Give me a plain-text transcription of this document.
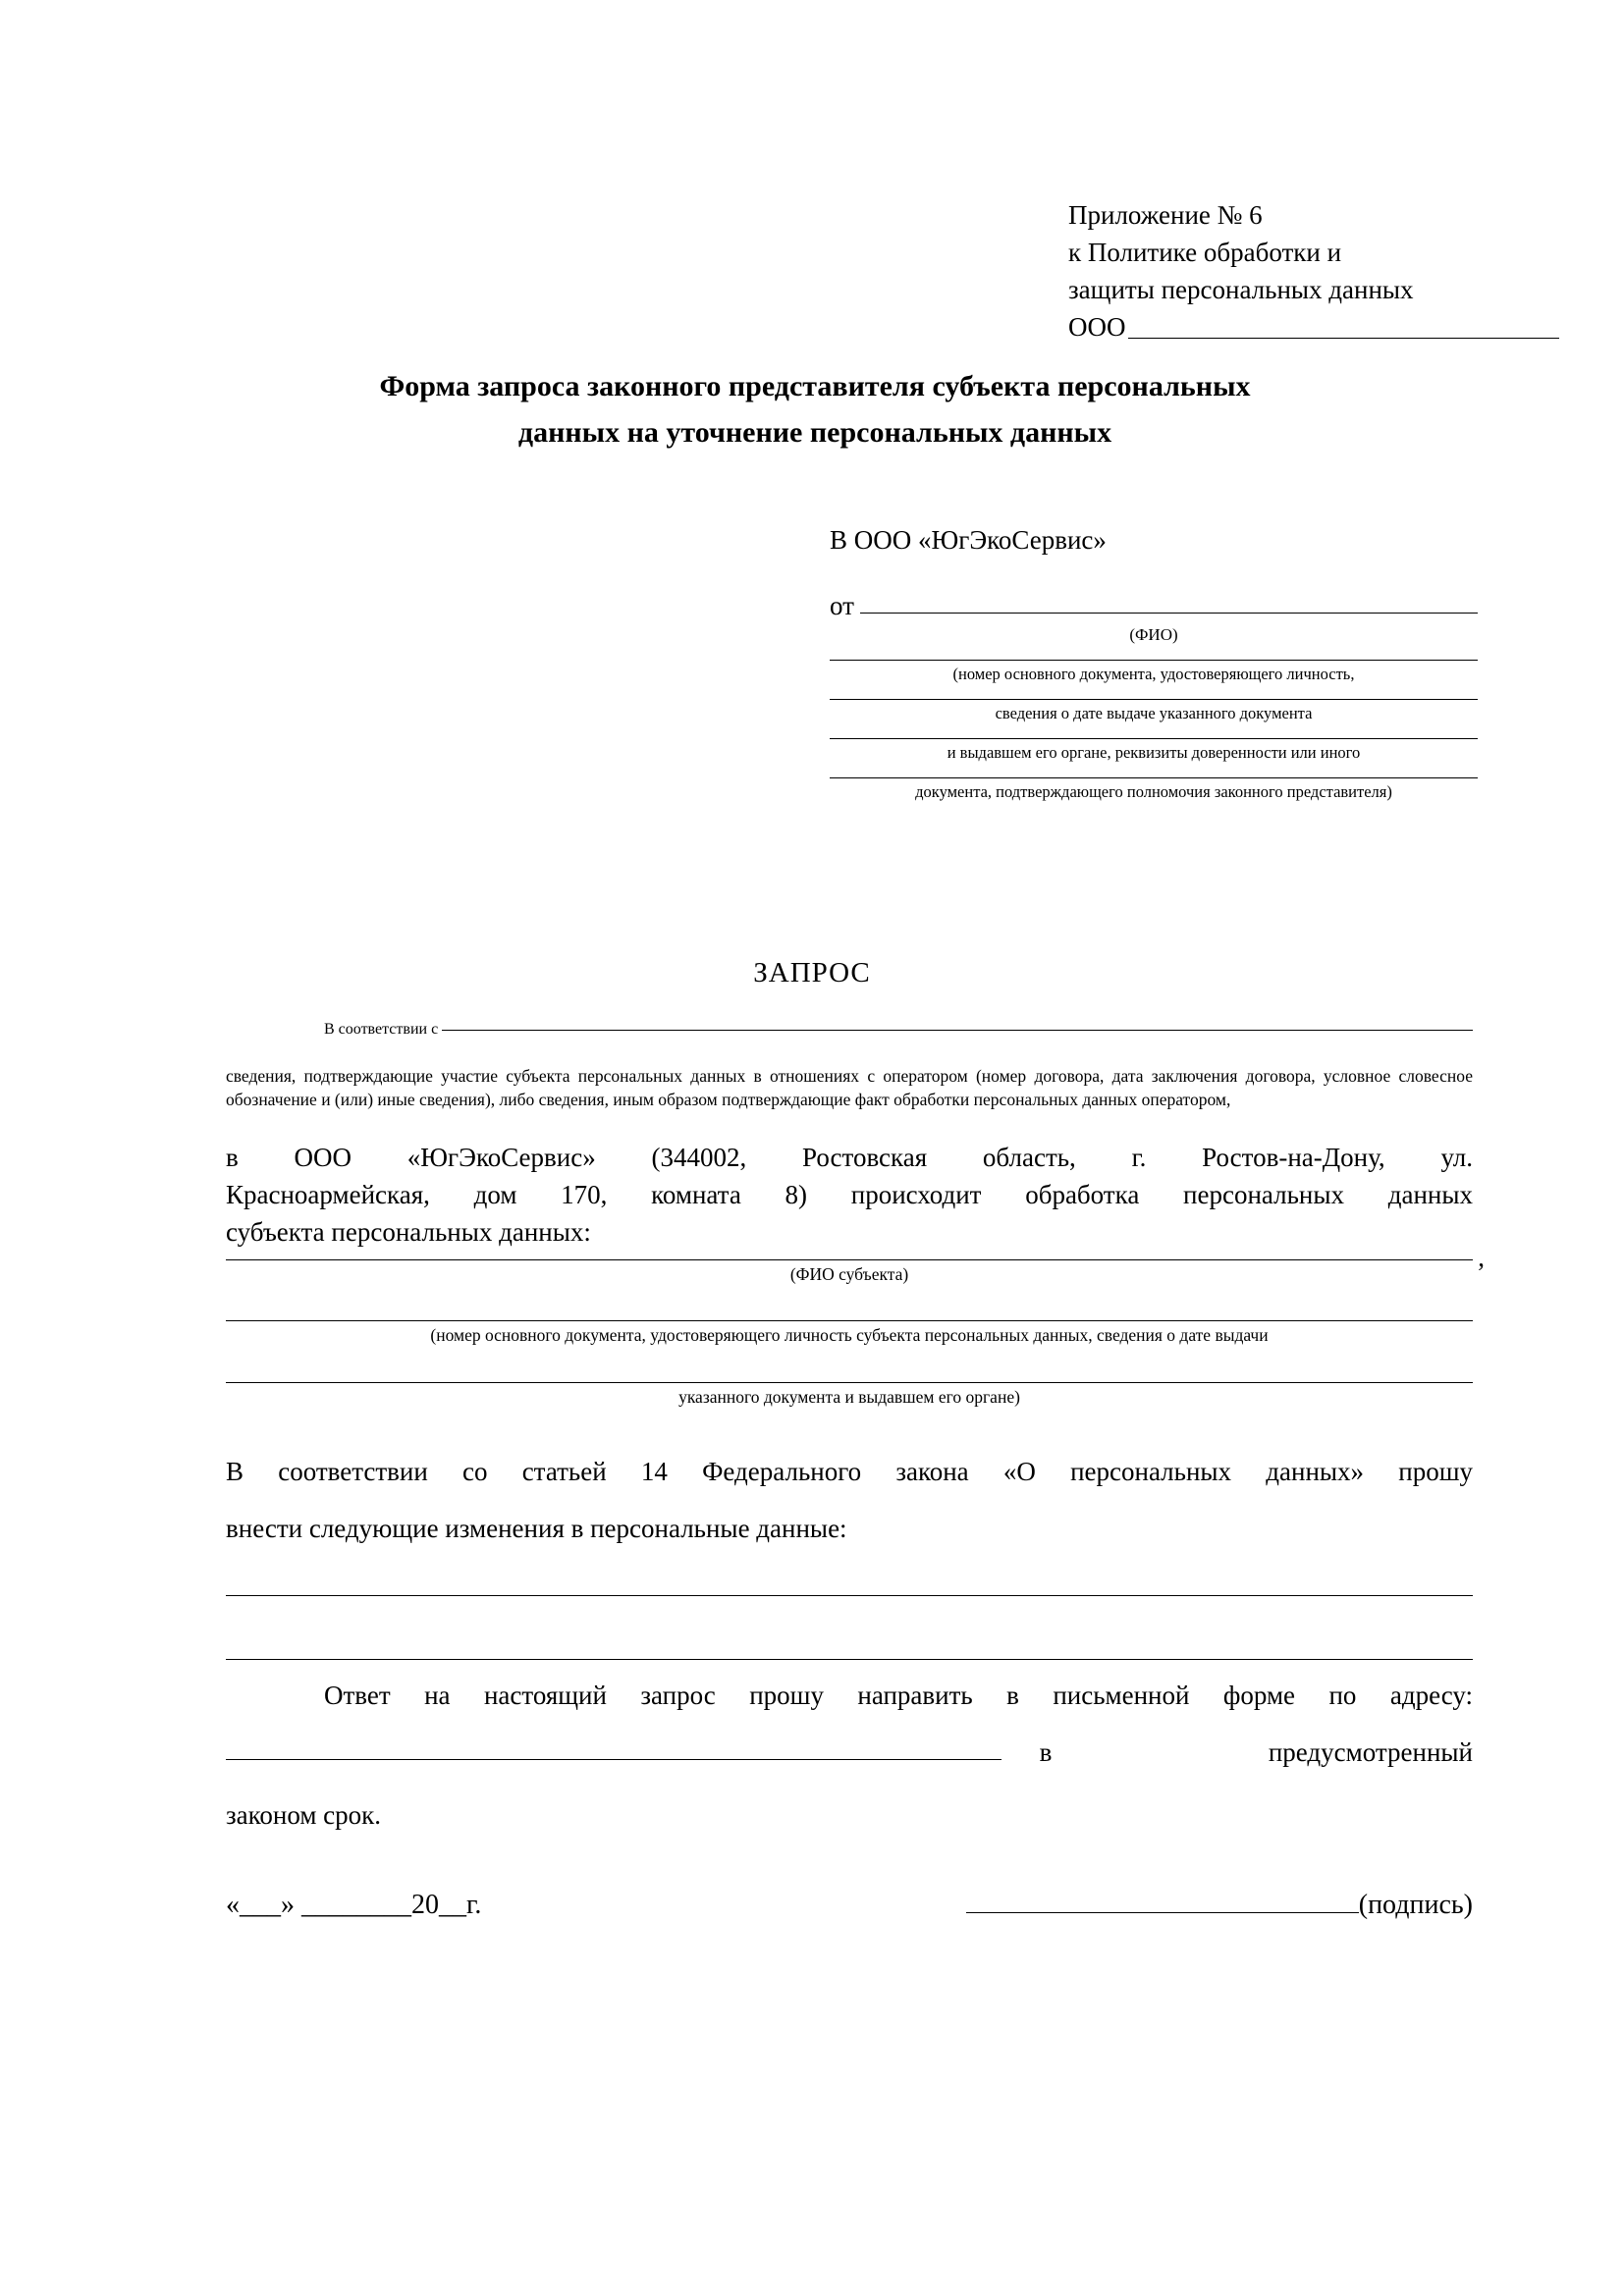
Приложение № 6
к Политике обработки и
защиты персональных данных
ООО
Форма запроса законного представителя субъекта персональных
данных на уточнение персональных данных
В ООО «ЮгЭкоСервис»
от
(ФИО)
(номер основного документа, удостоверяющего личность,
сведения о дате выдаче указанного документа
и выдавшем его органе, реквизиты доверенности или иного
документа, подтверждающего полномочия законного представителя)
ЗАПРОС
В соответствии с
сведения, подтверждающие участие субъекта персональных данных в отношениях с оператором (номер договора, дата заключения договора, условное словесное обозначение и (или) иные сведения), либо сведения, иным образом подтверждающие факт обработки персональных данных оператором,
в ООО «ЮгЭкоСервис» (344002, Ростовская область, г. Ростов-на-Дону, ул.
Красноармейская, дом 170, комната 8) происходит обработка персональных данных
субъекта персональных данных:
,
(ФИО субъекта)
(номер основного документа, удостоверяющего личность субъекта персональных данных, сведения о дате выдачи
указанного документа и выдавшем его органе)
В соответствии со статьей 14 Федерального закона «О персональных данных» прошу
внести следующие изменения в персональные данные:
Ответ на настоящий запрос прошу направить в письменной форме по адресу:
в	предусмотренный
законом срок.
«___» ________20__г.	(подпись)
